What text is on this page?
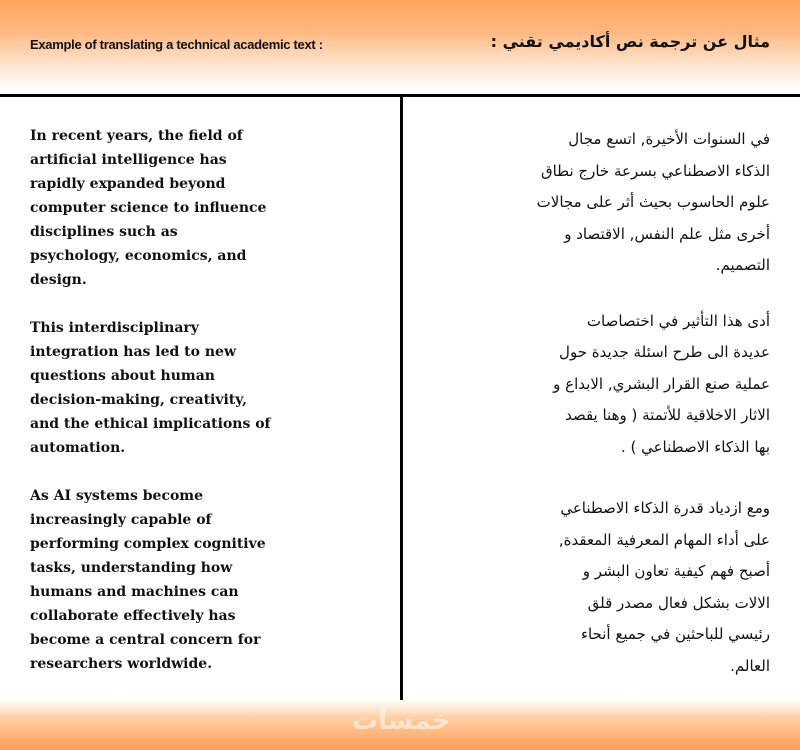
Example of translating a technical academic text :	مثال عن ترجمة نص أكاديمي تقني :

In recent years, the field of
artificial intelligence has
rapidly expanded beyond
computer science to influence
disciplines such as
psychology, economics, and
design.

This interdisciplinary
integration has led to new
questions about human
decision-making, creativity,
and the ethical implications of
automation.

As AI systems become
increasingly capable of
performing complex cognitive
tasks, understanding how
humans and machines can
collaborate effectively has
become a central concern for
researchers worldwide.

في السنوات الأخيرة, اتسع مجال
الذكاء الاصطناعي بسرعة خارج نطاق
علوم الحاسوب بحيث أثر على مجالات
أخرى مثل علم النفس, الاقتصاد و
التصميم.

أدى هذا التأثير في اختصاصات
عديدة الى طرح اسئلة جديدة حول
عملية صنع القرار البشري, الابداع و
الاثار الاخلاقية للأتمتة ( وهنا يقصد
بها الذكاء الاصطناعي ) .

ومع ازدياد قدرة الذكاء الاصطناعي
على أداء المهام المعرفية المعقدة,
أصبح فهم كيفية تعاون البشر و
الالات بشكل فعال مصدر قلق
رئيسي للباحثين في جميع أنحاء
العالم.

خمسات
